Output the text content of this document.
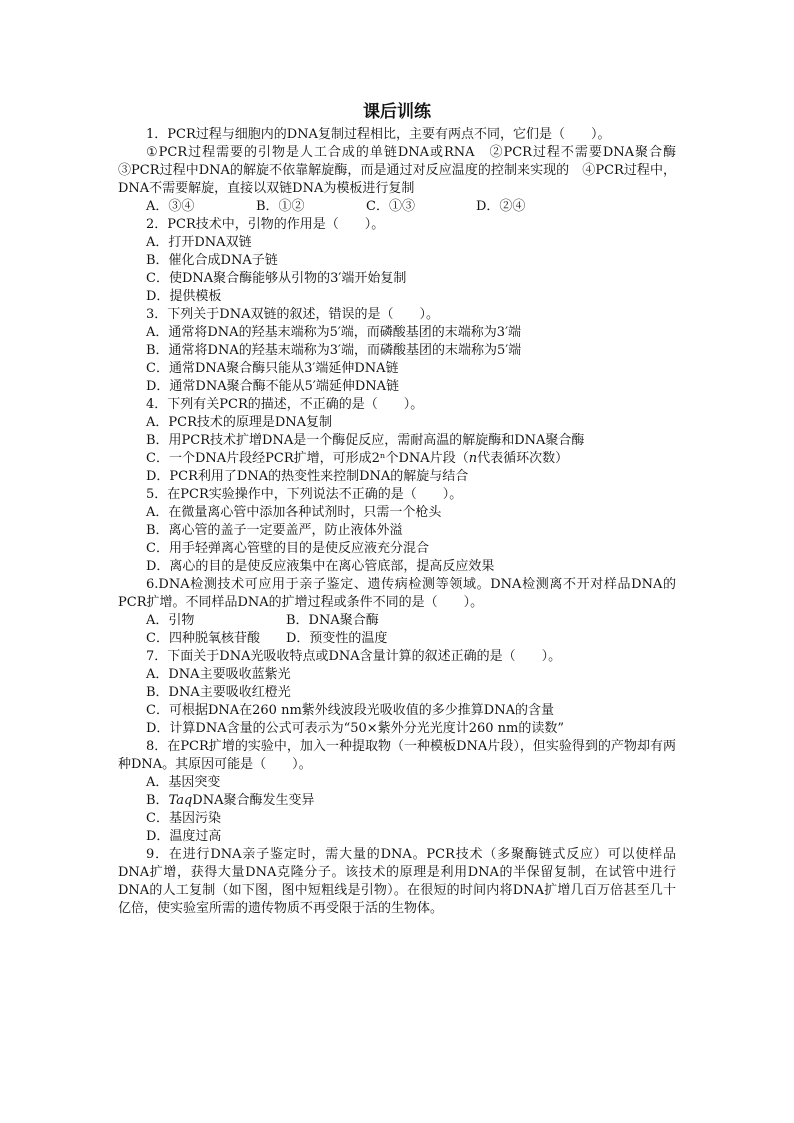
课后训练

1．PCR过程与细胞内的DNA复制过程相比，主要有两点不同，它们是（　　）。

①PCR过程需要的引物是人工合成的单链DNA或RNA　②PCR过程不需要DNA聚合酶　③PCR过程中DNA的解旋不依靠解旋酶，而是通过对反应温度的控制来实现的　④PCR过程中，DNA不需要解旋，直接以双链DNA为模板进行复制

A．③④	B．①②	C．①③	D．②④

2．PCR技术中，引物的作用是（　　）。

A．打开DNA双链

B．催化合成DNA子链

C．使DNA聚合酶能够从引物的3′端开始复制

D．提供模板

3．下列关于DNA双链的叙述，错误的是（　　）。

A．通常将DNA的羟基末端称为5′端，而磷酸基团的末端称为3′端

B．通常将DNA的羟基末端称为3′端，而磷酸基团的末端称为5′端

C．通常DNA聚合酶只能从3′端延伸DNA链

D．通常DNA聚合酶不能从5′端延伸DNA链

4．下列有关PCR的描述，不正确的是（　　）。

A．PCR技术的原理是DNA复制

B．用PCR技术扩增DNA是一个酶促反应，需耐高温的解旋酶和DNA聚合酶

C．一个DNA片段经PCR扩增，可形成2ⁿ个DNA片段（n代表循环次数）

D．PCR利用了DNA的热变性来控制DNA的解旋与结合

5．在PCR实验操作中，下列说法不正确的是（　　）。

A．在微量离心管中添加各种试剂时，只需一个枪头

B．离心管的盖子一定要盖严，防止液体外溢

C．用手轻弹离心管壁的目的是使反应液充分混合

D．离心的目的是使反应液集中在离心管底部，提高反应效果

6.DNA检测技术可应用于亲子鉴定、遗传病检测等领域。DNA检测离不开对样品DNA的PCR扩增。不同样品DNA的扩增过程或条件不同的是（　　）。

A．引物	B．DNA聚合酶
C．四种脱氧核苷酸	D．预变性的温度

7．下面关于DNA光吸收特点或DNA含量计算的叙述正确的是（　　）。

A．DNA主要吸收蓝紫光

B．DNA主要吸收红橙光

C．可根据DNA在260 nm紫外线波段光吸收值的多少推算DNA的含量

D．计算DNA含量的公式可表示为“50×紫外分光光度计260 nm的读数”

8．在PCR扩增的实验中，加入一种提取物（一种模板DNA片段），但实验得到的产物却有两种DNA。其原因可能是（　　）。

A．基因突变

B．TaqDNA聚合酶发生变异

C．基因污染

D．温度过高

9．在进行DNA亲子鉴定时，需大量的DNA。PCR技术（多聚酶链式反应）可以使样品DNA扩增，获得大量DNA克隆分子。该技术的原理是利用DNA的半保留复制，在试管中进行DNA的人工复制（如下图，图中短粗线是引物）。在很短的时间内将DNA扩增几百万倍甚至几十亿倍，使实验室所需的遗传物质不再受限于活的生物体。
